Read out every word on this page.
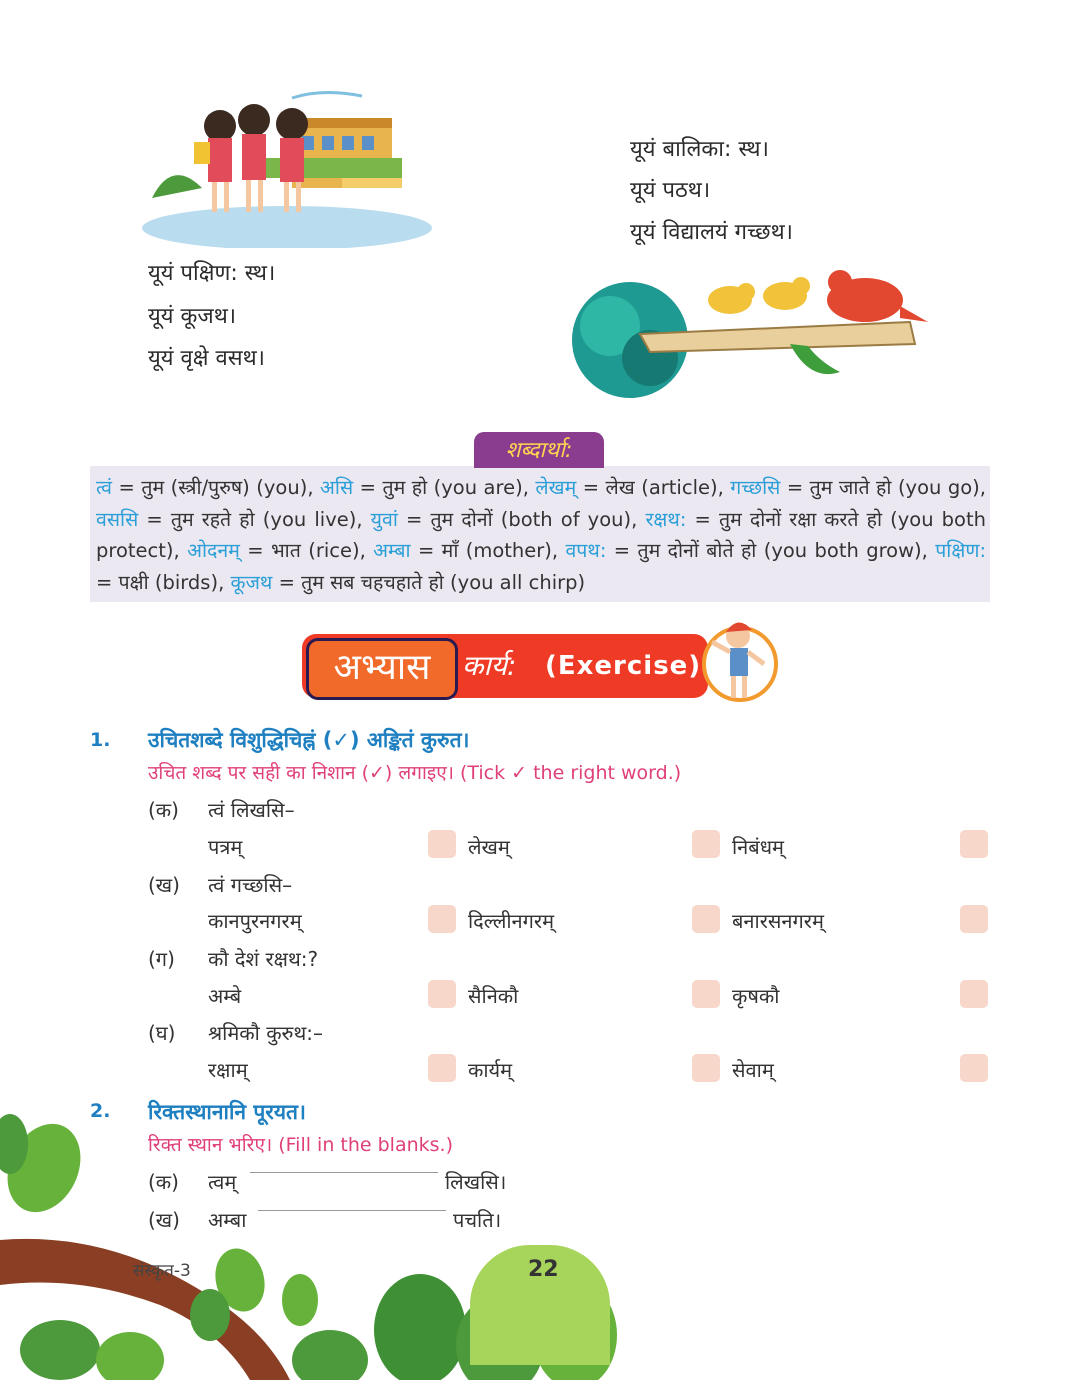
यूयं बालिका: स्थ।
यूयं पठथ।
यूयं विद्यालयं गच्छथ।
यूयं पक्षिण: स्थ।
यूयं कूजथ।
यूयं वृक्षे वसथ।
शब्दार्था:
त्वं = तुम (स्त्री/पुरुष) (you), असि = तुम हो (you are), लेखम् = लेख (article), गच्छसि = तुम जाते हो (you go), वससि = तुम रहते हो (you live), युवां = तुम दोनों (both of you), रक्षथ: = तुम दोनों रक्षा करते हो (you both protect), ओदनम् = भात (rice), अम्बा = माँ (mother), वपथ: = तुम दोनों बोते हो (you both grow), पक्षिण: = पक्षी (birds), कूजथ = तुम सब चहचहाते हो (you all chirp)
अभ्यास	कार्य: (Exercise)
1. उचितशब्दे विशुद्धिचिह्नं (✓) अङ्कितं कुरुत।
उचित शब्द पर सही का निशान (✓) लगाइए। (Tick ✓ the right word.)
(क) त्वं लिखसि–
पत्रम्	लेखम्	निबंधम्
(ख) त्वं गच्छसि–
कानपुरनगरम्	दिल्लीनगरम्	बनारसनगरम्
(ग) कौ देशं रक्षथ:?
अम्बे	सैनिकौ	कृषकौ
(घ) श्रमिकौ कुरुथ:–
रक्षाम्	कार्यम्	सेवाम्
2. रिक्तस्थानानि पूरयत।
रिक्त स्थान भरिए। (Fill in the blanks.)
(क) त्वम्	लिखसि।
(ख) अम्बा	पचति।
संस्कृत-3	22
